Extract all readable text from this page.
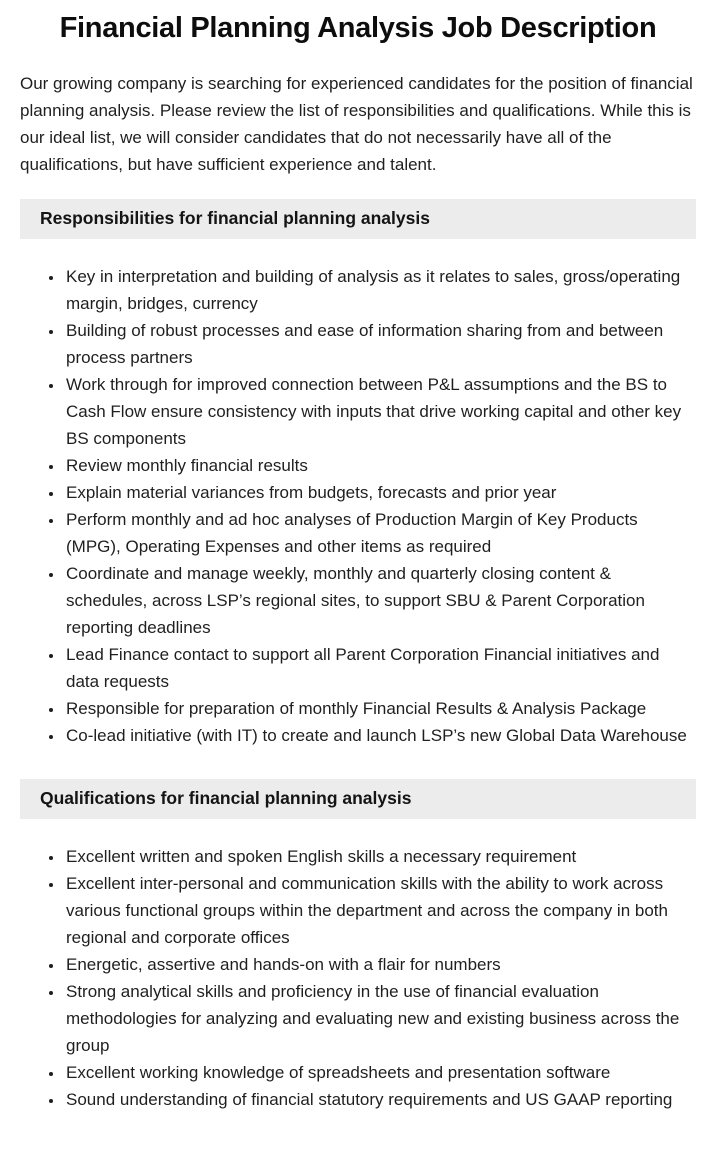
Financial Planning Analysis Job Description

Our growing company is searching for experienced candidates for the position of financial planning analysis. Please review the list of responsibilities and qualifications. While this is our ideal list, we will consider candidates that do not necessarily have all of the qualifications, but have sufficient experience and talent.

Responsibilities for financial planning analysis
• Key in interpretation and building of analysis as it relates to sales, gross/operating margin, bridges, currency
• Building of robust processes and ease of information sharing from and between process partners
• Work through for improved connection between P&L assumptions and the BS to Cash Flow ensure consistency with inputs that drive working capital and other key BS components
• Review monthly financial results
• Explain material variances from budgets, forecasts and prior year
• Perform monthly and ad hoc analyses of Production Margin of Key Products (MPG), Operating Expenses and other items as required
• Coordinate and manage weekly, monthly and quarterly closing content & schedules, across LSP’s regional sites, to support SBU & Parent Corporation reporting deadlines
• Lead Finance contact to support all Parent Corporation Financial initiatives and data requests
• Responsible for preparation of monthly Financial Results & Analysis Package
• Co-lead initiative (with IT) to create and launch LSP’s new Global Data Warehouse
Qualifications for financial planning analysis
• Excellent written and spoken English skills a necessary requirement
• Excellent inter-personal and communication skills with the ability to work across various functional groups within the department and across the company in both regional and corporate offices
• Energetic, assertive and hands-on with a flair for numbers
• Strong analytical skills and proficiency in the use of financial evaluation methodologies for analyzing and evaluating new and existing business across the group
• Excellent working knowledge of spreadsheets and presentation software
• Sound understanding of financial statutory requirements and US GAAP reporting
